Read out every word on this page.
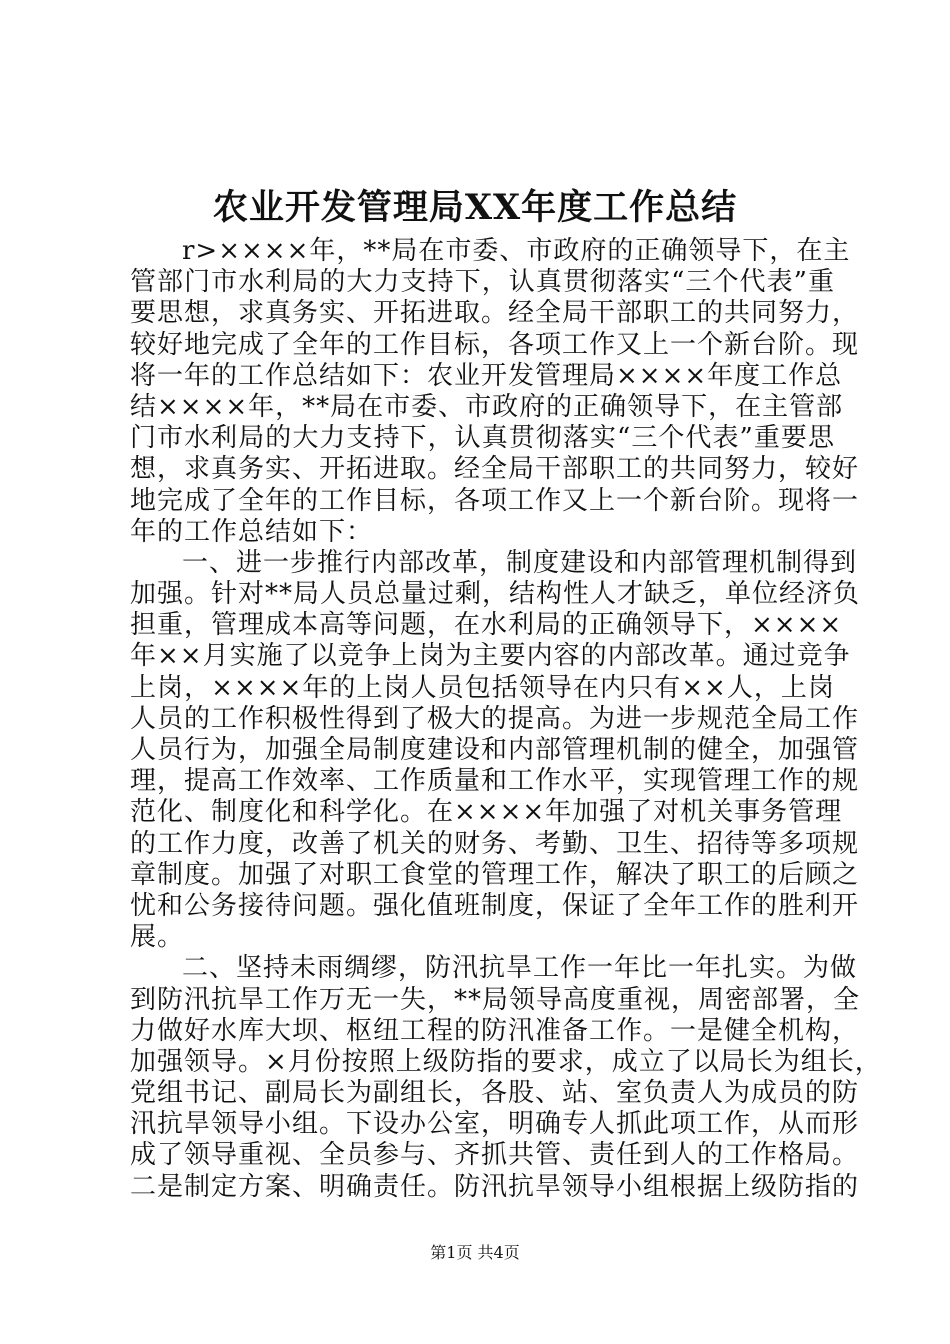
农业开发管理局XX年度工作总结
r>××××年，**局在市委、市政府的正确领导下，在主
管部门市水利局的大力支持下，认真贯彻落实“三个代表”重
要思想，求真务实、开拓进取。经全局干部职工的共同努力，
较好地完成了全年的工作目标，各项工作又上一个新台阶。现
将一年的工作总结如下：农业开发管理局××××年度工作总
结××××年，**局在市委、市政府的正确领导下，在主管部
门市水利局的大力支持下，认真贯彻落实“三个代表”重要思
想，求真务实、开拓进取。经全局干部职工的共同努力，较好
地完成了全年的工作目标，各项工作又上一个新台阶。现将一
年的工作总结如下：
一、进一步推行内部改革，制度建设和内部管理机制得到
加强。针对**局人员总量过剩，结构性人才缺乏，单位经济负
担重，管理成本高等问题，在水利局的正确领导下，××××
年××月实施了以竞争上岗为主要内容的内部改革。通过竞争
上岗，××××年的上岗人员包括领导在内只有××人，上岗
人员的工作积极性得到了极大的提高。为进一步规范全局工作
人员行为，加强全局制度建设和内部管理机制的健全，加强管
理，提高工作效率、工作质量和工作水平，实现管理工作的规
范化、制度化和科学化。在××××年加强了对机关事务管理
的工作力度，改善了机关的财务、考勤、卫生、招待等多项规
章制度。加强了对职工食堂的管理工作，解决了职工的后顾之
忧和公务接待问题。强化值班制度，保证了全年工作的胜利开
展。
二、坚持未雨绸缪，防汛抗旱工作一年比一年扎实。为做
到防汛抗旱工作万无一失，**局领导高度重视，周密部署，全
力做好水库大坝、枢纽工程的防汛准备工作。一是健全机构，
加强领导。×月份按照上级防指的要求，成立了以局长为组长，
党组书记、副局长为副组长，各股、站、室负责人为成员的防
汛抗旱领导小组。下设办公室，明确专人抓此项工作，从而形
成了领导重视、全员参与、齐抓共管、责任到人的工作格局。
二是制定方案、明确责任。防汛抗旱领导小组根据上级防指的
第1页 共4页
